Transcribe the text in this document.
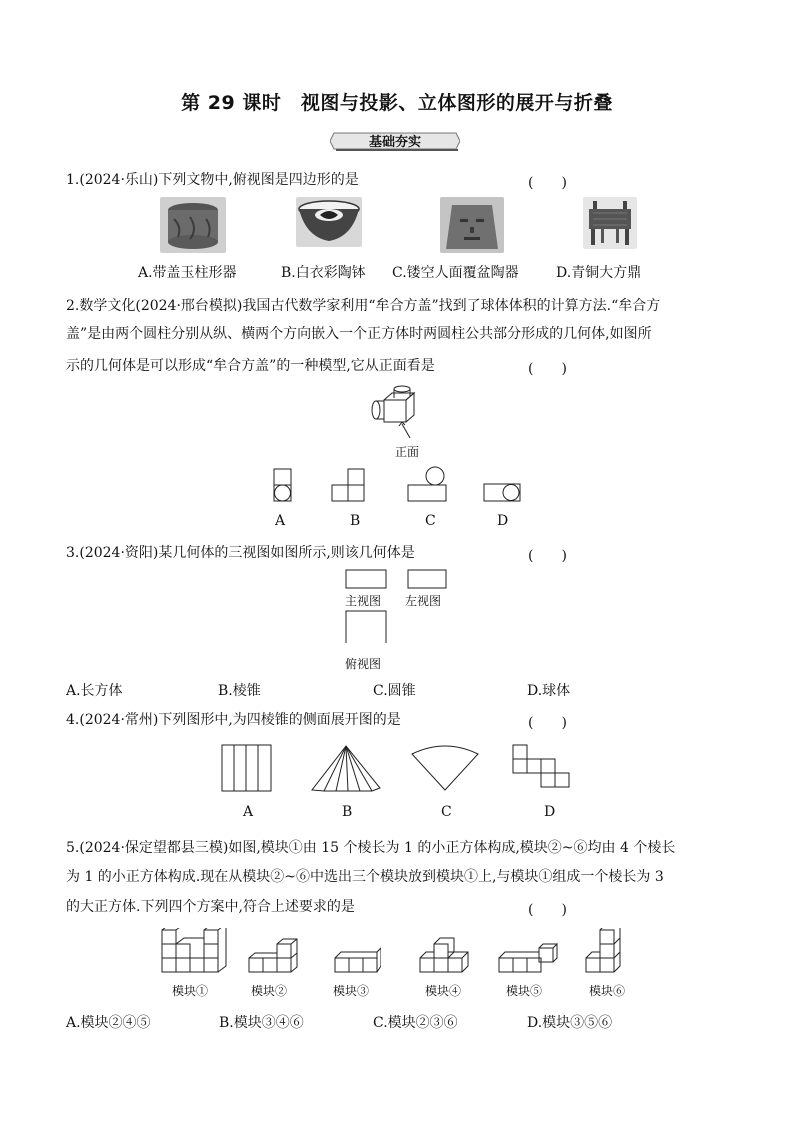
第 29 课时　视图与投影、立体图形的展开与折叠
基础夯实
1.(2024·乐山)下列文物中,俯视图是四边形的是	(　　)
A.带盖玉柱形器	B.白衣彩陶钵 C.镂空人面覆盆陶器	D.青铜大方鼎
2.数学文化(2024·邢台模拟)我国古代数学家利用“牟合方盖”找到了球体体积的计算方法.“牟合方
盖”是由两个圆柱分别从纵、横两个方向嵌入一个正方体时两圆柱公共部分形成的几何体,如图所
示的几何体是可以形成“牟合方盖”的一种模型,它从正面看是	(　　)
正面
A	B	C	D
3.(2024·资阳)某几何体的三视图如图所示,则该几何体是	(　　)
主视图 左视图
俯视图
A.长方体	B.棱锥	C.圆锥	D.球体
4.(2024·常州)下列图形中,为四棱锥的侧面展开图的是	(　　)
A	B	C	D
5.(2024·保定望都县三模)如图,模块①由 15 个棱长为 1 的小正方体构成,模块②~⑥均由 4 个棱长
为 1 的小正方体构成.现在从模块②~⑥中选出三个模块放到模块①上,与模块①组成一个棱长为 3
的大正方体.下列四个方案中,符合上述要求的是	(　　)
模块①	模块②	模块③	模块④	模块⑤	模块⑥
A.模块②④⑤	B.模块③④⑥	C.模块②③⑥	D.模块③⑤⑥
